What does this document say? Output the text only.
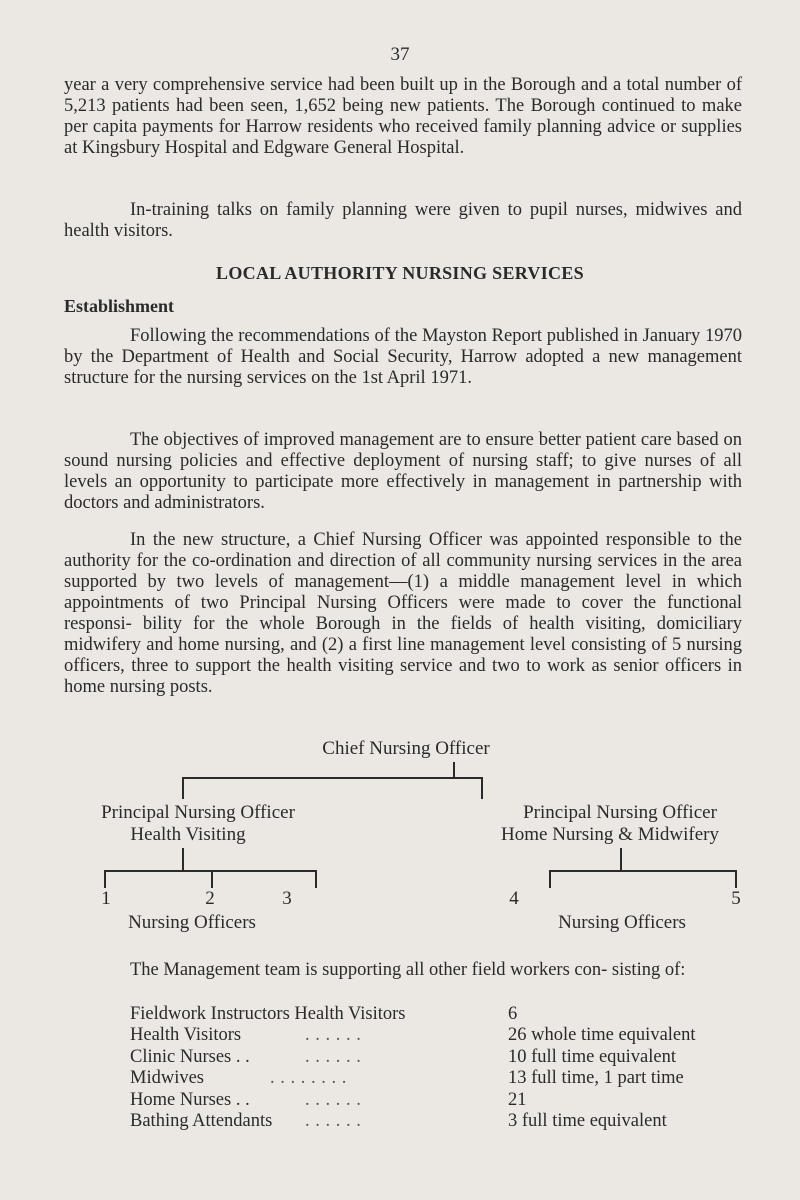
37

year a very comprehensive service had been built up in the Borough and a total number of 5,213 patients had been seen, 1,652 being new patients. The Borough continued to make per capita payments for Harrow residents who received family planning advice or supplies at Kingsbury Hospital and Edgware General Hospital.

In-training talks on family planning were given to pupil nurses, midwives and health visitors.

LOCAL AUTHORITY NURSING SERVICES
Establishment

Following the recommendations of the Mayston Report published in January 1970 by the Department of Health and Social Security, Harrow adopted a new management structure for the nursing services on the 1st April 1971.

The objectives of improved management are to ensure better patient care based on sound nursing policies and effective deployment of nursing staff; to give nurses of all levels an opportunity to participate more effectively in management in partnership with doctors and administrators.

In the new structure, a Chief Nursing Officer was appointed responsible to the authority for the co-ordination and direction of all community nursing services in the area supported by two levels of management—(1) a middle management level in which appointments of two Principal Nursing Officers were made to cover the functional responsi- bility for the whole Borough in the fields of health visiting, domiciliary midwifery and home nursing, and (2) a first line management level consisting of 5 nursing officers, three to support the health visiting service and two to work as senior officers in home nursing posts.

Chief Nursing Officer
Principal Nursing Officer
Health Visiting
Principal Nursing Officer
Home Nursing & Midwifery
1	2	3	4	5
Nursing Officers	Nursing Officers

The Management team is supporting all other field workers con- sisting of:

Fieldwork Instructors Health Visitors	6
Health Visitors	. . . . . .	26 whole time equivalent
Clinic Nurses . .	. . . . . .	10 full time equivalent
Midwives	. . . . . . . .	13 full time, 1 part time
Home Nurses . .	. . . . . .	21
Bathing Attendants . . . . . .	3 full time equivalent
